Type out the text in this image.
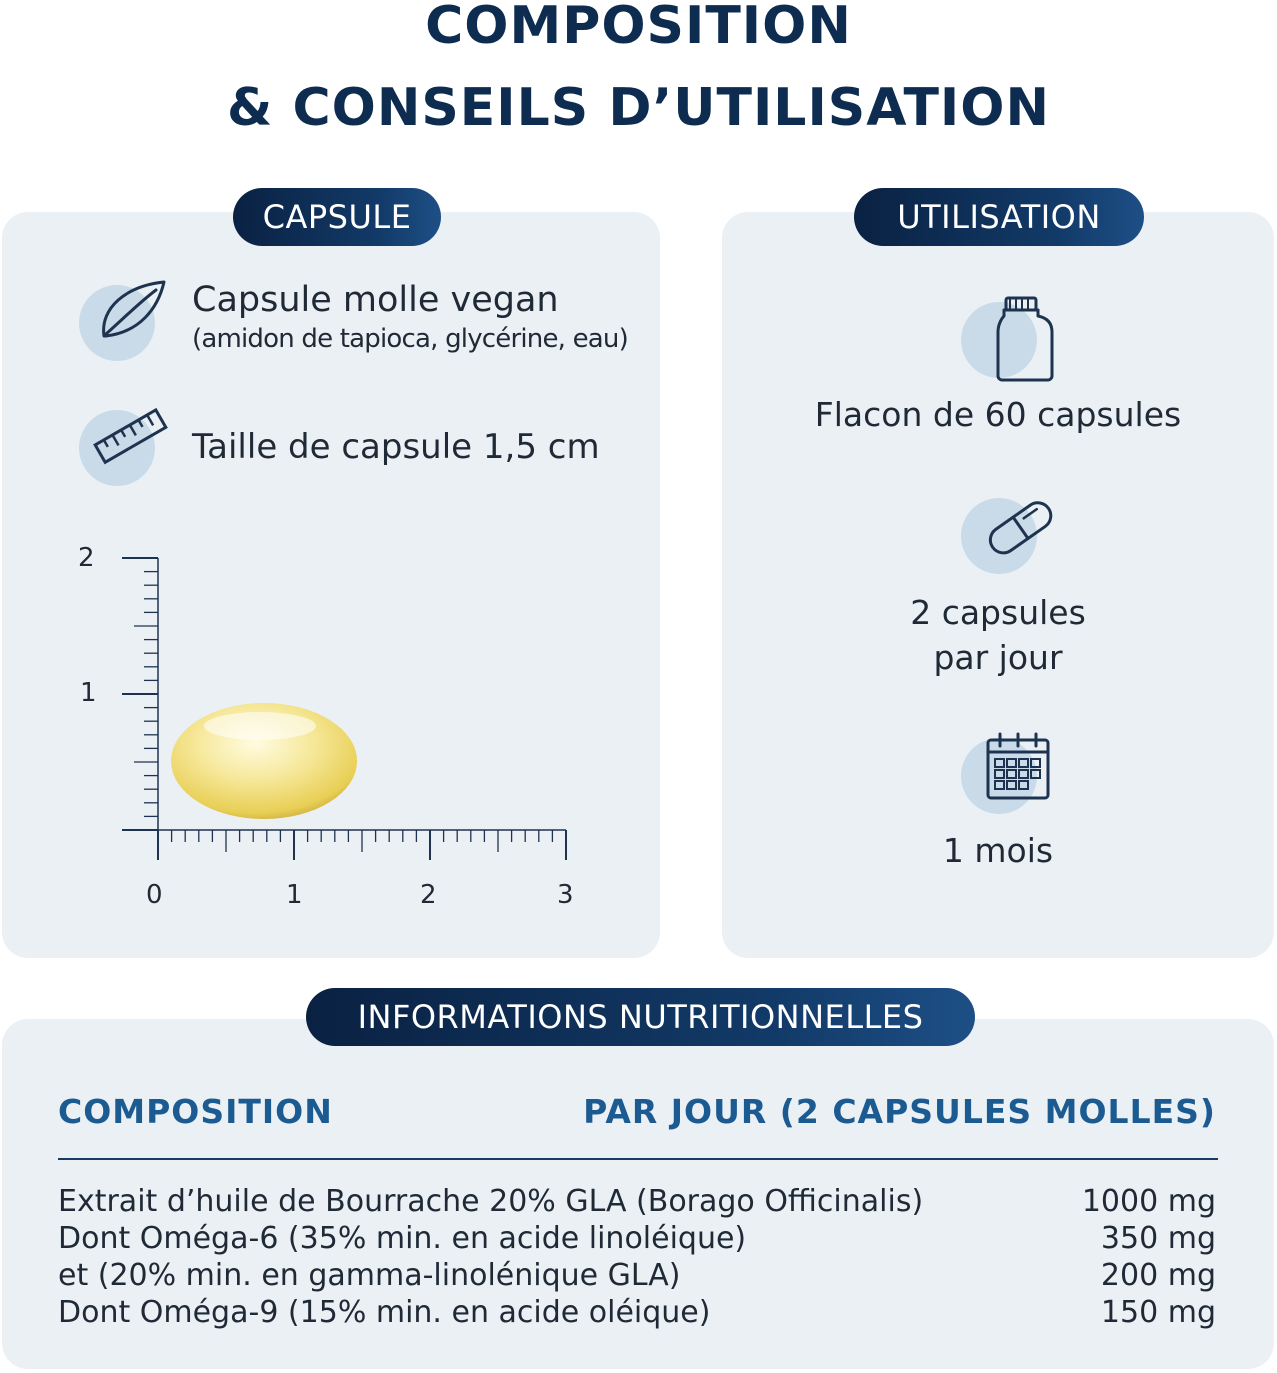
COMPOSITION
& CONSEILS D’UTILISATION
CAPSULE	UTILISATION
INFORMATIONS NUTRITIONNELLES
Capsule molle vegan
(amidon de tapioca, glycérine, eau)
Taille de capsule 1,5 cm
2
1
0	1	2	3
Flacon de 60 capsules
2 capsules
par jour
1 mois
COMPOSITION	PAR JOUR (2 CAPSULES MOLLES)
Extrait d’huile de Bourrache 20% GLA (Borago Officinalis)	1000 mg
Dont Oméga-6 (35% min. en acide linoléique)	350 mg
et (20% min. en gamma-linolénique GLA)	200 mg
Dont Oméga-9 (15% min. en acide oléique)	150 mg
